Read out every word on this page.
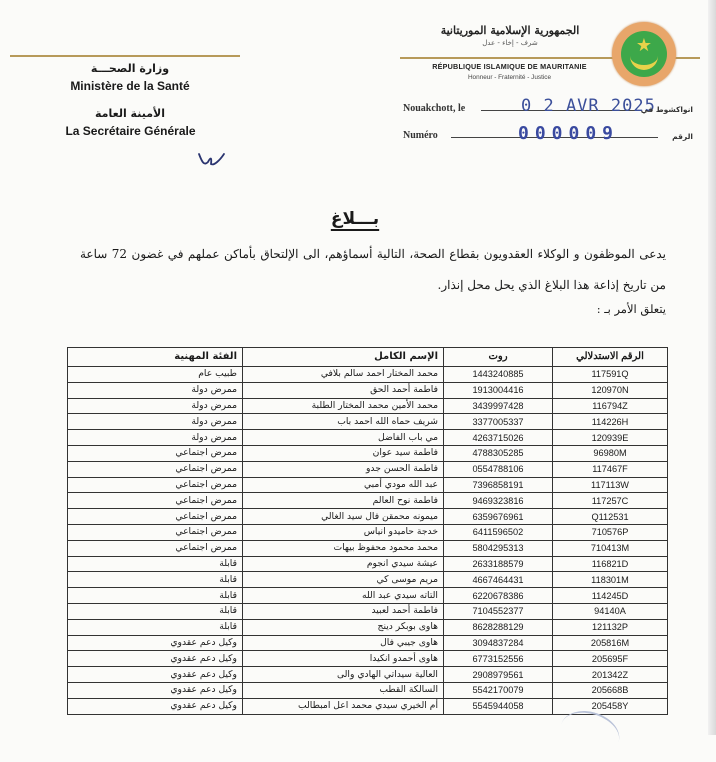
الجمهورية الإسلامية الموريتانية
شرف - إخاء - عدل
RÉPUBLIQUE ISLAMIQUE DE MAURITANIE
Honneur - Fraternité - Justice
★
وزارة الصحـــة
Ministère de la Santé
الأمينة العامة
La Secrétaire Générale
Nouakchott, le	0 2 AVR 2025
انواكشوط في
Numéro	000009	الرقم
بـــلاغ
يدعى الموظفون و الوكلاء العقدويون بقطاع الصحة، التالية أسماؤهم، الى الإلتحاق بأماكن عملهم في غضون 72 ساعة
من تاريخ إذاعة هذا البلاغ الذي يحل محل إنذار.
يتعلق الأمر بـ :
الرقم الاستدلالي	روت	الإسم الكامل	الفئة المهنية
117591Q	1443240885	محمد المختار احمد سالم بلافي	طبيب عام
120970N	1913004416	فاطمة أحمد الحق	ممرض دولة
116794Z	3439997428	محمد الأمين محمد المختار الطلبة	ممرض دولة
114226H	3377005337	شريف حماه الله احمد باب	ممرض دولة
120939E	4263715026	مي باب الفاضل	ممرض دولة
96980M	4788305285	فاطمة سيد عوان	ممرض اجتماعي
117467F	0554788106	فاطمة الحسن جدو	ممرض اجتماعي
117113W	7396858191	عبد الله مودي أمبي	ممرض اجتماعي
117257C	9469323816	فاطمة نوح العالم	ممرض اجتماعي
Q112531	6359676961	ميمونه محمقن فال سيد الغالي	ممرض اجتماعي
710576P	6411596502	خدجة حاميدو انياس	ممرض اجتماعي
710413M	5804295313	محمد محمود محفوظ بيهات	ممرض اجتماعي
116821D	2633188579	عيشة سيدي انجوم	قابلة
118301M	4667464431	مريم موسى كي	قابلة
114245D	6220678386	التاته سيدي عبد الله	قابلة
94140A	7104552377	فاطمة أحمد لعبيد	قابلة
121132P	8628288129	هاوى بوبكر دينج	قابلة
205816M	3094837284	هاوى جيبي فال	وكيل دعم عقدوي
205695F	6773152556	هاوى أحمدو انكيدا	وكيل دعم عقدوي
201342Z	2908979561	العالية سيداتي الهادي والى	وكيل دعم عقدوي
205668B	5542170079	السالكة القطب	وكيل دعم عقدوي
205458Y	5545944058	أم الخيري سيدي محمد اعل امبطالب	وكيل دعم عقدوي
